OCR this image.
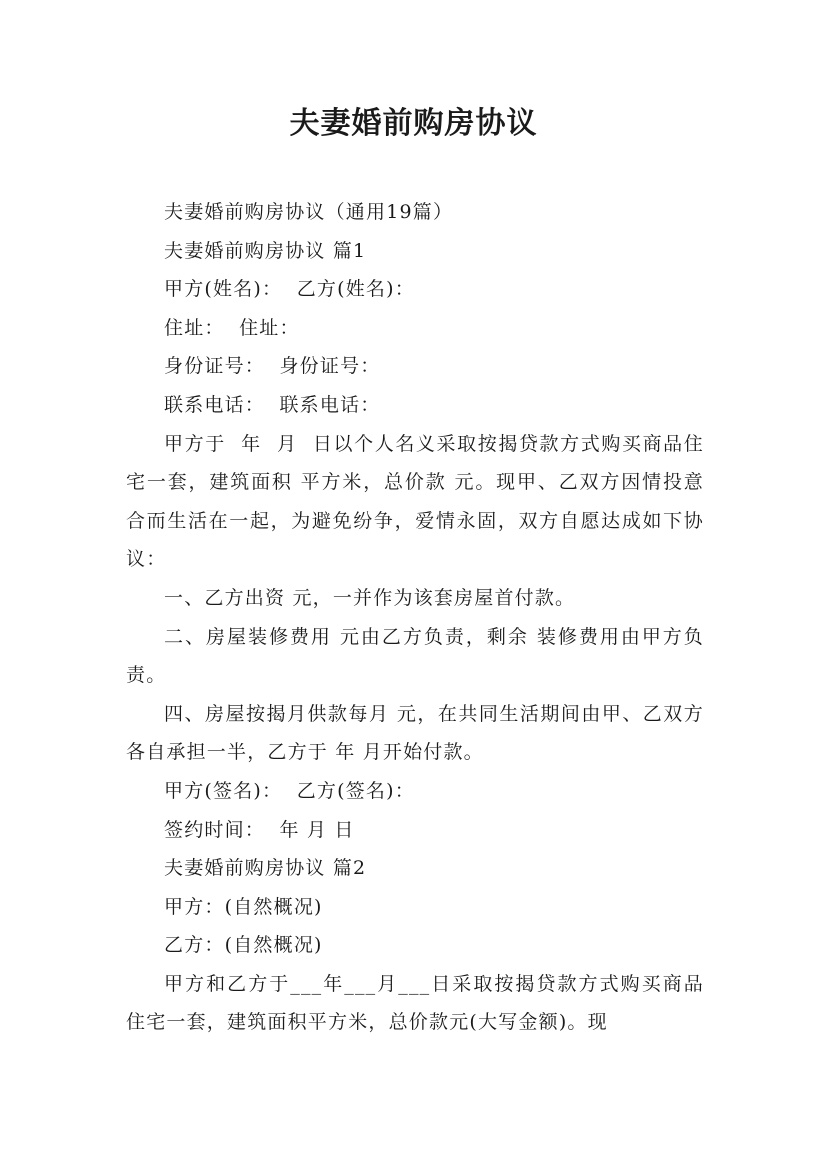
夫妻婚前购房协议

夫妻婚前购房协议（通用19篇）

夫妻婚前购房协议 篇1

甲方(姓名)：  乙方(姓名)：

住址：  住址：

身份证号：  身份证号：

联系电话：  联系电话：

甲方于  年  月  日以个人名义采取按揭贷款方式购买商品住宅一套，建筑面积 平方米，总价款 元。现甲、乙双方因情投意合而生活在一起，为避免纷争，爱情永固，双方自愿达成如下协议：

一、乙方出资 元，一并作为该套房屋首付款。

二、房屋装修费用 元由乙方负责，剩余 装修费用由甲方负责。

四、房屋按揭月供款每月 元，在共同生活期间由甲、乙双方各自承担一半，乙方于 年 月开始付款。

甲方(签名)：  乙方(签名)：

签约时间：  年 月 日

夫妻婚前购房协议 篇2

甲方：(自然概况)

乙方：(自然概况)

甲方和乙方于___年___月___日采取按揭贷款方式购买商品住宅一套，建筑面积平方米，总价款元(大写金额)。现
